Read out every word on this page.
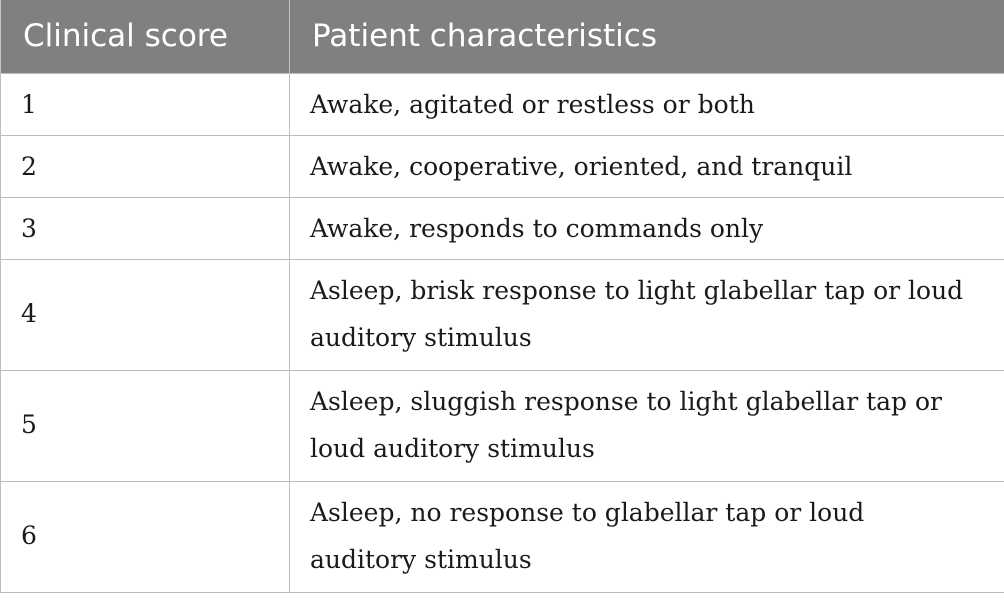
Clinical score	Patient characteristics
1	Awake, agitated or restless or both
2	Awake, cooperative, oriented, and tranquil
3	Awake, responds to commands only
4	Asleep, brisk response to light glabellar tap or loud auditory stimulus
5	Asleep, sluggish response to light glabellar tap or loud auditory stimulus
6	Asleep, no response to glabellar tap or loud auditory stimulus
